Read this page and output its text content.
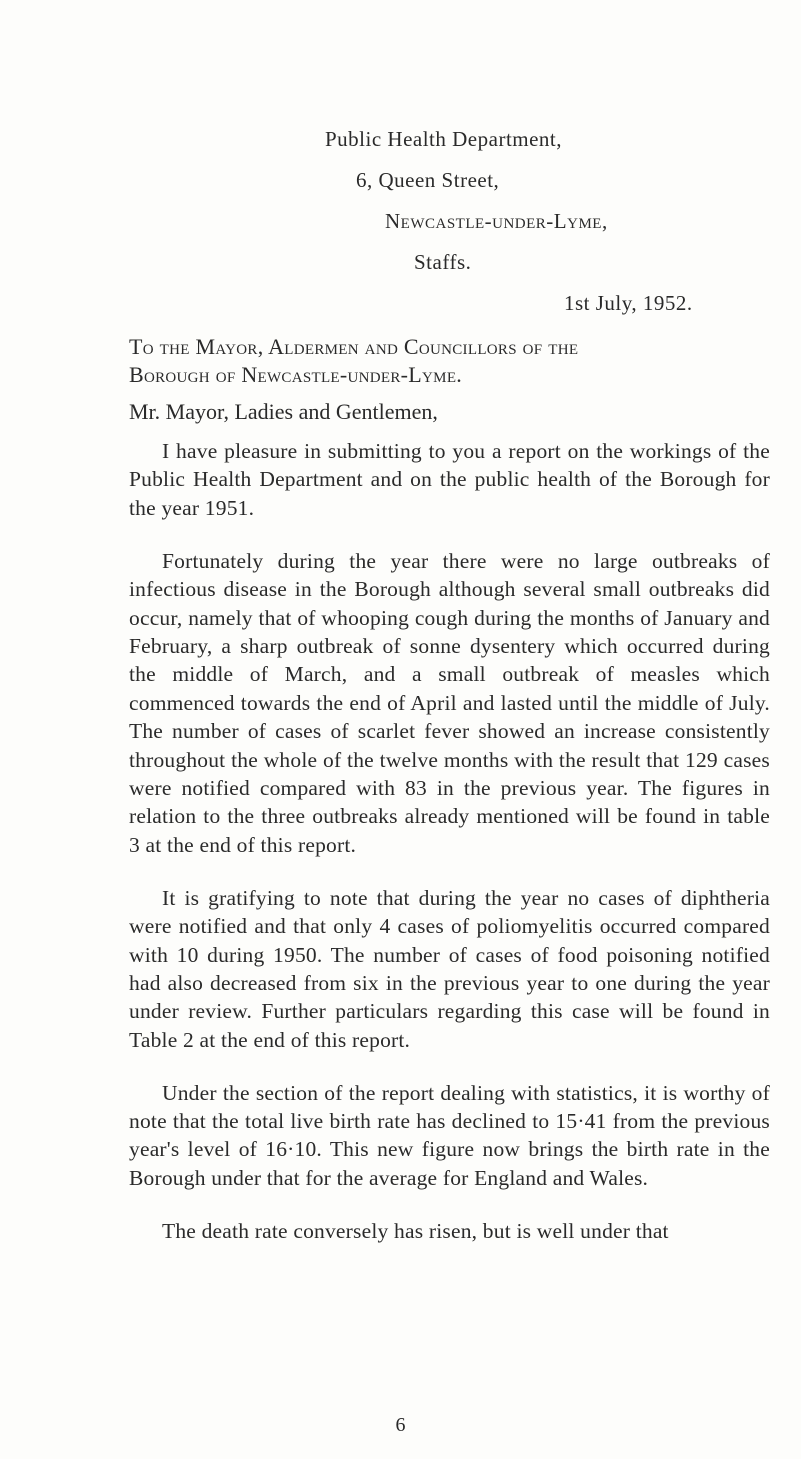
Public Health Department,
6, Queen Street,
Newcastle-under-Lyme,
Staffs.
1st July, 1952.
To the Mayor, Aldermen and Councillors of the
Borough of Newcastle-under-Lyme.
Mr. Mayor, Ladies and Gentlemen,

I have pleasure in submitting to you a report on the workings of the Public Health Department and on the public health of the Borough for the year 1951.

Fortunately during the year there were no large outbreaks of infectious disease in the Borough although several small outbreaks did occur, namely that of whooping cough during the months of January and February, a sharp outbreak of sonne dysentery which occurred during the middle of March, and a small outbreak of measles which commenced towards the end of April and lasted until the middle of July. The number of cases of scarlet fever showed an increase consistently throughout the whole of the twelve months with the result that 129 cases were notified compared with 83 in the previous year. The figures in relation to the three outbreaks already mentioned will be found in table 3 at the end of this report.

It is gratifying to note that during the year no cases of diphtheria were notified and that only 4 cases of poliomyelitis occurred compared with 10 during 1950. The number of cases of food poisoning notified had also decreased from six in the previous year to one during the year under review. Further particulars regarding this case will be found in Table 2 at the end of this report.

Under the section of the report dealing with statistics, it is worthy of note that the total live birth rate has declined to 15·41 from the previous year's level of 16·10. This new figure now brings the birth rate in the Borough under that for the average for England and Wales.

The death rate conversely has risen, but is well under that

6
